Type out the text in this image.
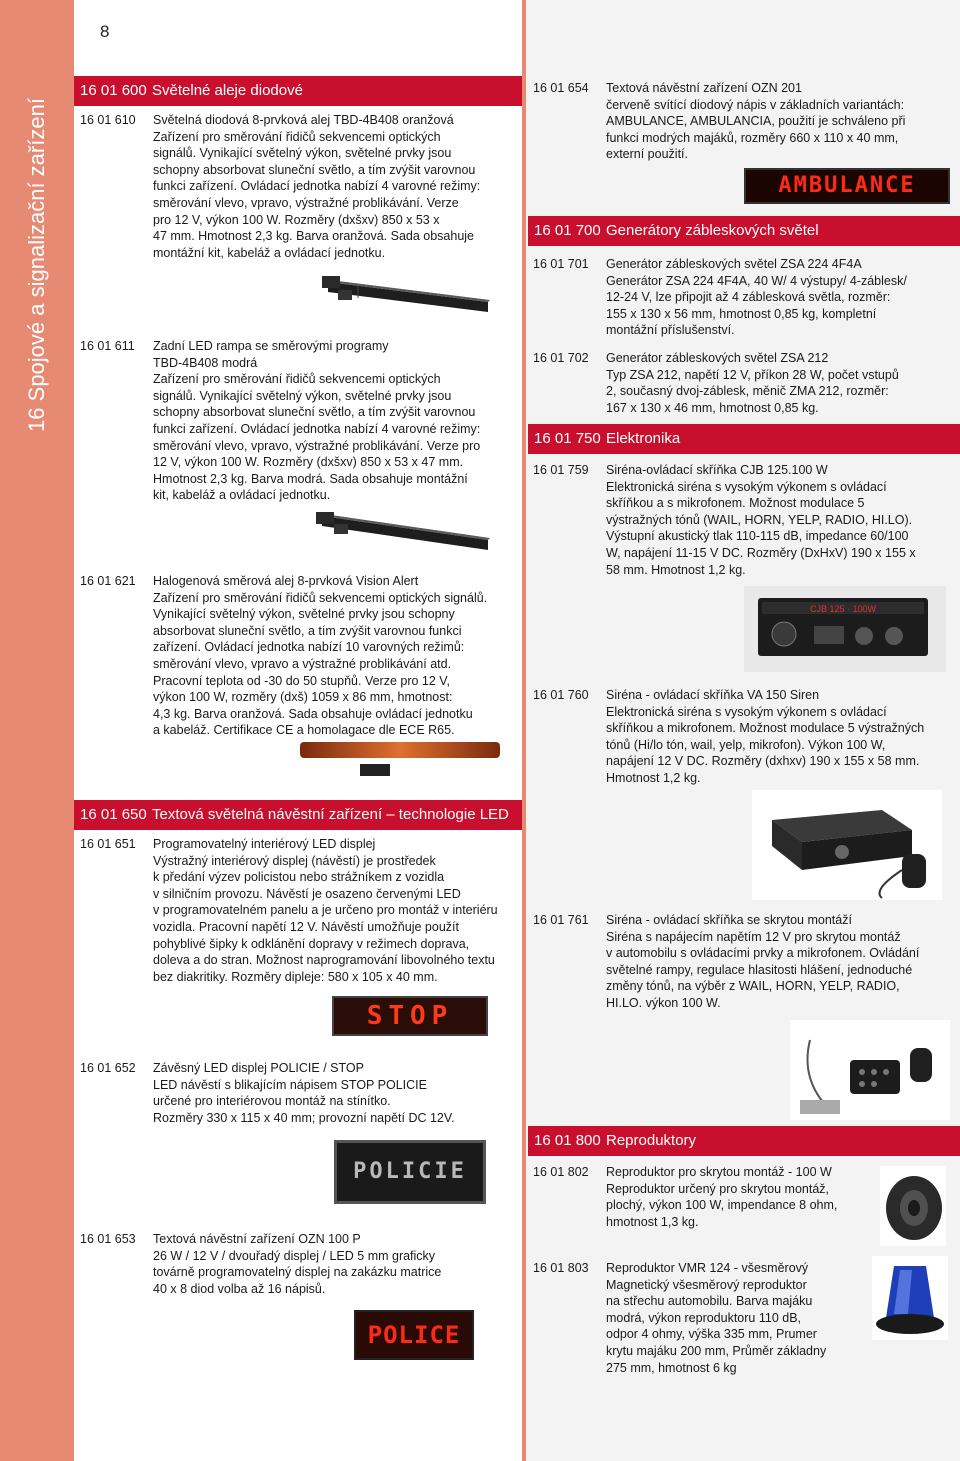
8
16 Spojové a signalizační zařízení
16 01 600 Světelné aleje diodové
16 01 610 Světelná diodová 8-prvková alej TBD-4B408 oranžová

Zařízení pro směrování řidičů sekvencemi optických

signálů. Vynikající světelný výkon, světelné prvky jsou

schopny absorbovat sluneční světlo, a tím zvýšit varovnou

funkci zařízení. Ovládací jednotka nabízí 4 varovné režimy:

směrování vlevo, vpravo, výstražné problikávání. Verze

pro 12 V, výkon 100 W. Rozměry (dxšxv) 850 x 53 x

47 mm. Hmotnost 2,3 kg. Barva oranžová. Sada obsahuje

montážní kit, kabeláž a ovládací jednotku.

16 01 611 Zadní LED rampa se směrovými programy

TBD-4B408 modrá

Zařízení pro směrování řidičů sekvencemi optických

signálů. Vynikající světelný výkon, světelné prvky jsou

schopny absorbovat sluneční světlo, a tím zvýšit varovnou

funkci zařízení. Ovládací jednotka nabízí 4 varovné režimy:

směrování vlevo, vpravo, výstražné problikávání. Verze pro

12 V, výkon 100 W. Rozměry (dxšxv) 850 x 53 x 47 mm.

Hmotnost 2,3 kg. Barva modrá. Sada obsahuje montážní

kit, kabeláž a ovládací jednotku.

16 01 621 Halogenová směrová alej 8-prvková Vision Alert

Zařízení pro směrování řidičů sekvencemi optických signálů.

Vynikající světelný výkon, světelné prvky jsou schopny

absorbovat sluneční světlo, a tím zvýšit varovnou funkci

zařízení. Ovládací jednotka nabízí 10 varovných režimů:

směrování vlevo, vpravo a výstražné problikávání atd.

Pracovní teplota od -30 do 50 stupňů. Verze pro 12 V,

výkon 100 W, rozměry (dxš) 1059 x 86 mm, hmotnost:

4,3 kg. Barva oranžová. Sada obsahuje ovládací jednotku

a kabeláž. Certifikace CE a homolagace dle ECE R65.

16 01 650 Textová světelná návěstní zařízení – technologie LED
16 01 651 Programovatelný interiérový LED displej

Výstražný interiérový displej (návěstí) je prostředek

k předání výzev policistou nebo strážníkem z vozidla

v silničním provozu. Návěstí je osazeno červenými LED

v programovatelném panelu a je určeno pro montáž v interiéru

vozidla. Pracovní napětí 12 V. Návěstí umožňuje použít

pohyblivé šipky k odklánění dopravy v režimech doprava,

doleva a do stran. Možnost naprogramování libovolného textu

bez diakritiky. Rozměry dipleje: 580 x 105 x 40 mm.

STOP
16 01 652 Závěsný LED displej POLICIE / STOP

LED návěstí s blikajícím nápisem STOP POLICIE

určené pro interiérovou montáž na stínítko.

Rozměry 330 x 115 x 40 mm; provozní napětí DC 12V.

POLICIE
16 01 653 Textová návěstní zařízení OZN 100 P

26 W / 12 V / dvouřadý displej / LED 5 mm graficky

továrně programovatelný displej na zakázku matrice

40 x 8 diod volba až 16 nápisů.

POLICE
16 01 654 Textová návěstní zařízení OZN 201

červeně svítící diodový nápis v základních variantách:

AMBULANCE, AMBULANCIA, použití je schváleno při

funkci modrých majáků, rozměry 660 x 110 x 40 mm,

externí použití.

AMBULANCE
16 01 700 Generátory zábleskových světel
16 01 701 Generátor zábleskových světel ZSA 224 4F4A

Generátor ZSA 224 4F4A, 40 W/ 4 výstupy/ 4-záblesk/

12-24 V, lze připojit až 4 záblesková světla, rozměr:

155 x 130 x 56 mm, hmotnost 0,85 kg, kompletní

montážní příslušenství.

16 01 702 Generátor zábleskových světel ZSA 212

Typ ZSA 212, napětí 12 V, příkon 28 W, počet vstupů

2, současný dvoj-záblesk, měnič ZMA 212, rozměr:

167 x 130 x 46 mm, hmotnost 0,85 kg.

16 01 750 Elektronika
16 01 759 Siréna-ovládací skříňka CJB 125.100 W

Elektronická siréna s vysokým výkonem s ovládací

skříňkou a s mikrofonem. Možnost modulace 5

výstražných tónů (WAIL, HORN, YELP, RADIO, HI.LO).

Výstupní akustický tlak 110-115 dB, impedance 60/100

W, napájení 11-15 V DC. Rozměry (DxHxV) 190 x 155 x

58 mm. Hmotnost 1,2 kg.

CJB 125 · 100W
16 01 760 Siréna - ovládací skříňka VA 150 Siren

Elektronická siréna s vysokým výkonem s ovládací

skříňkou a mikrofonem. Možnost modulace 5 výstražných

tónů (Hi/lo tón, wail, yelp, mikrofon). Výkon 100 W,

napájení 12 V DC. Rozměry (dxhxv) 190 x 155 x 58 mm.

Hmotnost 1,2 kg.

16 01 761 Siréna - ovládací skříňka se skrytou montáží

Siréna s napájecím napětím 12 V pro skrytou montáž

v automobilu s ovládacími prvky a mikrofonem. Ovládání

světelné rampy, regulace hlasitosti hlášení, jednoduché

změny tónů, na výběr z WAIL, HORN, YELP, RADIO,

HI.LO. výkon 100 W.

16 01 800 Reproduktory
16 01 802 Reproduktor pro skrytou montáž - 100 W

Reproduktor určený pro skrytou montáž,

plochý, výkon 100 W, impendance 8 ohm,

hmotnost 1,3 kg.

16 01 803 Reproduktor VMR 124 - všesměrový

Magnetický všesměrový reproduktor

na střechu automobilu. Barva majáku

modrá, výkon reproduktoru 110 dB,

odpor 4 ohmy, výška 335 mm, Prumer

krytu majáku 200 mm, Průměr základny

275 mm, hmotnost 6 kg
